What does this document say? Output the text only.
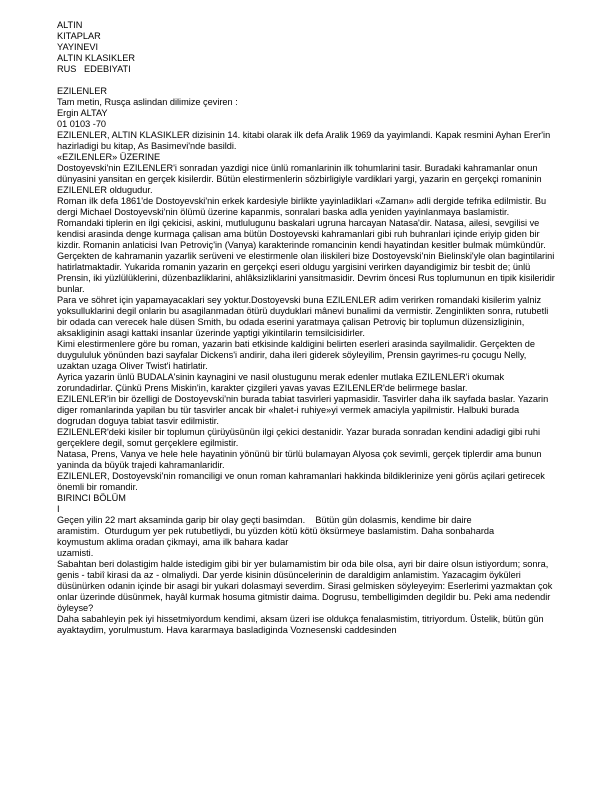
ALTIN

KITAPLAR

YAYINEVI

ALTIN KLASIKLER

RUS   EDEBIYATI

EZILENLER

Tam metin, Rusça aslindan dilimize çeviren :

Ergin ALTAY

01 0103 -70

EZILENLER, ALTIN KLASIKLER dizisinin 14. kitabi olarak ilk defa Aralik 1969 da yayimlandi. Kapak resmini Ayhan Erer'in hazirladigi bu kitap, As Basimevi'nde basildi.

«EZILENLER» ÜZERINE

Dostoyevski'nin EZILENLER'i sonradan yazdigi nice ünlü romanlarinin ilk tohumlarini tasir. Buradaki kahramanlar onun dünyasini yansitan en gerçek kisilerdir. Bütün elestirmenlerin sözbirligiyle vardiklari yargi, yazarin en gerçekçi romaninin EZILENLER oldugudur.

Roman ilk defa 1861'de Dostoyevski'nin erkek kardesiyle birlikte yayinladiklari «Zaman» adli dergide tefrika edilmistir. Bu dergi Michael Dostoyevski'nin ölümü üzerine kapanmis, sonralari baska adla yeniden yayinlanmaya baslamistir.

Romandaki tiplerin en ilgi çekicisi, askini, mutlulugunu baskalari ugruna harcayan Natasa'dir. Natasa, ailesi, sevgilisi ve kendisi arasinda denge kurmaga çalisan ama bütün Dostoyevski kahramanlari gibi ruh buhranlari içinde eriyip giden bir kizdir. Romanin anlaticisi Ivan Petroviç'in (Vanya) karakterinde romancinin kendi hayatindan kesitler bulmak mümkündür. Gerçekten de kahramanin yazarlik serüveni ve elestirmenle olan iliskileri bize Dostoyevski'nin Bielinski'yle olan bagintilarini hatirlatmaktadir. Yukarida romanin yazarin en gerçekçi eseri oldugu yargisini verirken dayandigimiz bir tesbit de; ünlü Prensin, iki yüzlülüklerini, düzenbazliklarini, ahlâksizliklarini yansitmasidir. Devrim öncesi Rus toplumunun en tipik kisileridir bunlar.

Para ve söhret için yapamayacaklari sey yoktur.Dostoyevski buna EZILENLER adim verirken romandaki kisilerim yalniz yoksulluklarini degil onlarin bu asagilanmadan ötürü duyduklari mânevi bunalimi da vermistir. Zenginlikten sonra, rutubetli bir odada can verecek hale düsen Smith, bu odada eserini yaratmaya çalisan Petroviç bir toplumun düzensizliginin, aksakliginin asagi kattaki insanlar üzerinde yaptigi yikintilarin temsilcisidirler.

Kimi elestirmenlere göre bu roman, yazarin bati etkisinde kaldigini belirten eserleri arasinda sayilmalidir. Gerçekten de duygululuk yönünden bazi sayfalar Dickens'i andirir, daha ileri giderek söyleyilim, Prensin gayrimes-ru çocugu Nelly, uzaktan uzaga Oliver Twist'i hatirlatir.

Ayrica yazarin ünlü BUDALA'sinin kaynagini ve nasil olustugunu merak edenler mutlaka EZILENLER'i okumak zorundadirlar. Çünkü Prens Miskin'in, karakter çizgileri yavas yavas EZILENLER'de belirmege baslar.

EZILENLER'in bir özelligi de Dostoyevski'nin burada tabiat tasvirleri yapmasidir. Tasvirler daha ilk sayfada baslar. Yazarin diger romanlarinda yapilan bu tür tasvirler ancak bir «halet-i ruhiye»yi vermek amaciyla yapilmistir. Halbuki burada dogrudan doguya tabiat tasvir edilmistir.

EZILENLER'deki kisiler bir toplumun çürüyüsünün ilgi çekici destanidir. Yazar burada sonradan kendini adadigi gibi ruhi gerçeklere degil, somut gerçeklere egilmistir.

Natasa, Prens, Vanya ve hele hele hayatinin yönünü bir türlü bulamayan Alyosa çok sevimli, gerçek tiplerdir ama bunun yaninda da büyük trajedi kahramanlaridir.

EZILENLER, Dostoyevski'nin romanciligi ve onun roman kahramanlari hakkinda bildiklerinize yeni görüs açilari getirecek önemli bir romandir.

BIRINCI BÖLÜM

I

Geçen yilin 22 mart aksaminda garip bir olay geçti basimdan.    Bütün gün dolasmis, kendime bir daire

aramistim.  Oturdugum yer pek rutubetliydi, bu yüzden kötü kötü öksürmeye baslamistim. Daha sonbaharda

koymustum aklima oradan çikmayi, ama ilk bahara kadar

uzamisti.

Sabahtan beri dolastigim halde istedigim gibi bir yer bulamamistim bir oda bile olsa, ayri bir daire olsun istiyordum; sonra, genis - tabiî kirasi da az - olmaliydi. Dar yerde kisinin düsüncelerinin de daraldigim anlamistim. Yazacagim öyküleri düsünürken odanin içinde bir asagi bir yukari dolasmayi severdim. Sirasi gelmisken söyleyeyim: Eserlerimi yazmaktan çok onlar üzerinde düsünmek, hayâl kurmak hosuma gitmistir daima. Dogrusu, tembelligimden degildir bu. Peki ama nedendir öyleyse?

Daha sabahleyin pek iyi hissetmiyordum kendimi, aksam üzeri ise oldukça fenalasmistim, titriyordum. Üstelik, bütün gün ayaktaydim, yorulmustum. Hava kararmaya basladiginda Voznesenski caddesinden
